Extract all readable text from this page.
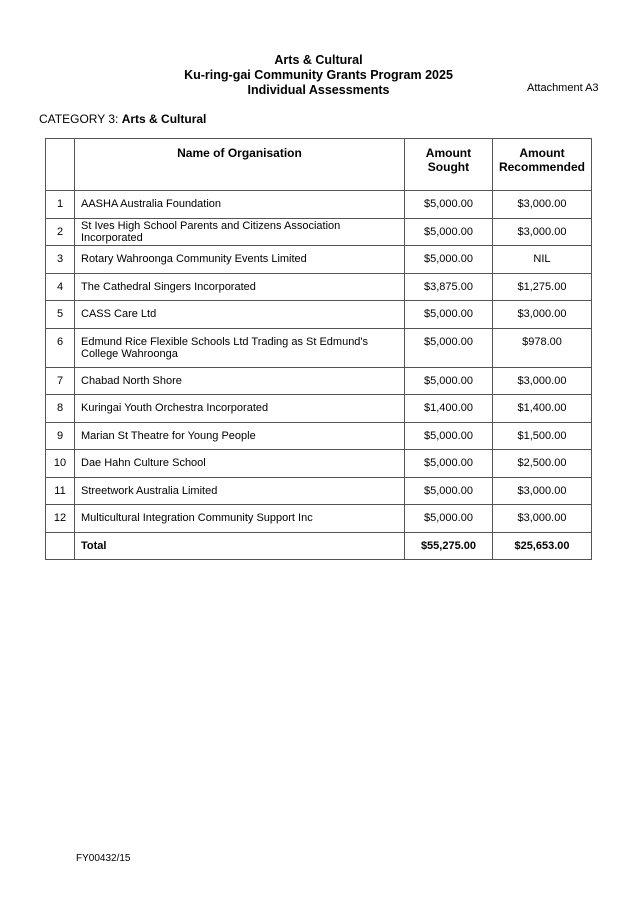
Arts & Cultural
Ku-ring-gai Community Grants Program 2025
Individual Assessments	Attachment A3
CATEGORY 3: Arts & Cultural
	Name of Organisation	Amount Sought	Amount Recommended
1	AASHA Australia Foundation	$5,000.00	$3,000.00
2	St Ives High School Parents and Citizens Association Incorporated	$5,000.00	$3,000.00
3	Rotary Wahroonga Community Events Limited	$5,000.00	NIL
4	The Cathedral Singers Incorporated	$3,875.00	$1,275.00
5	CASS Care Ltd	$5,000.00	$3,000.00
6	Edmund Rice Flexible Schools Ltd Trading as St Edmund's College Wahroonga	$5,000.00	$978.00
7	Chabad North Shore	$5,000.00	$3,000.00
8	Kuringai Youth Orchestra Incorporated	$1,400.00	$1,400.00
9	Marian St Theatre for Young People	$5,000.00	$1,500.00
10	Dae Hahn Culture School	$5,000.00	$2,500.00
11	Streetwork Australia Limited	$5,000.00	$3,000.00
12	Multicultural Integration Community Support Inc	$5,000.00	$3,000.00
	Total	$55,275.00	$25,653.00
FY00432/15
